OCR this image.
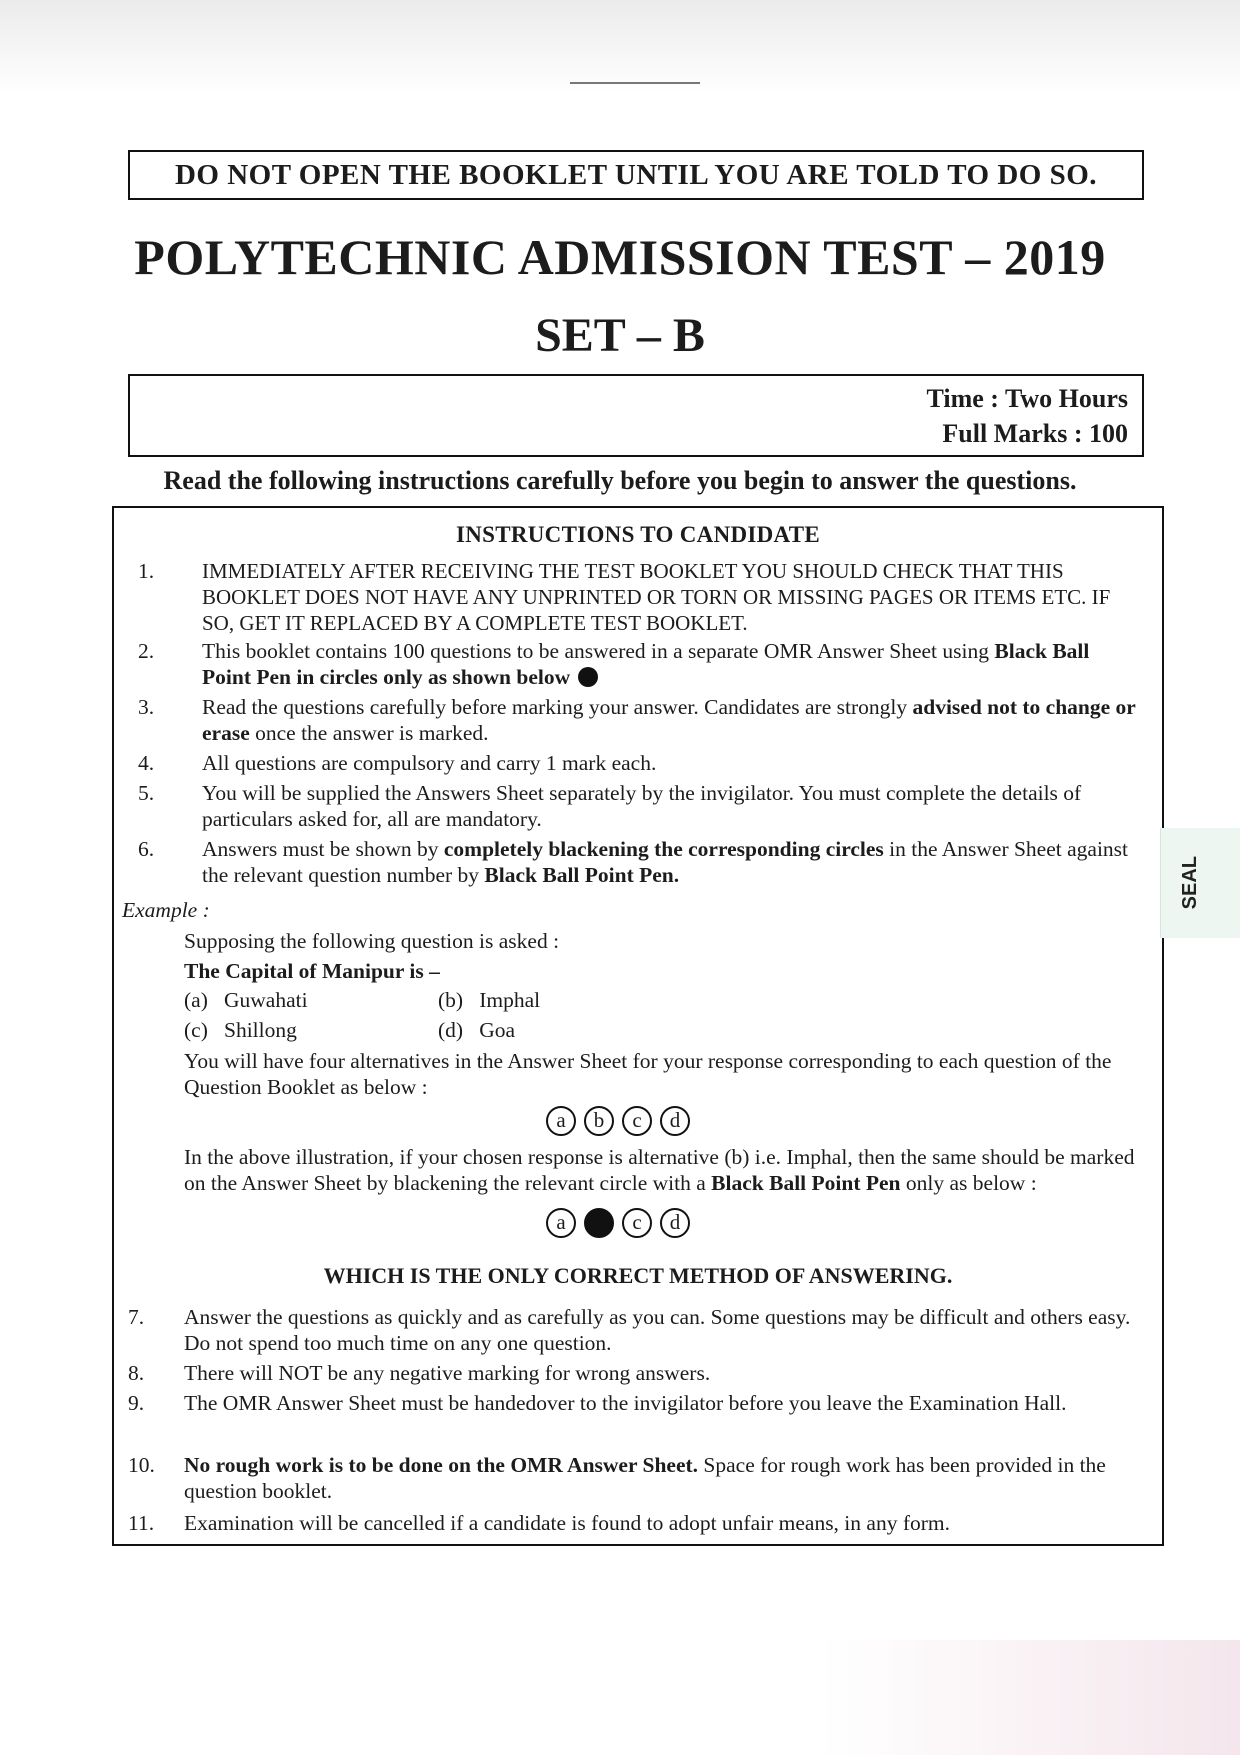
DO NOT OPEN THE BOOKLET UNTIL YOU ARE TOLD TO DO SO.
POLYTECHNIC ADMISSION TEST – 2019
SET – B
Time : Two Hours
Full Marks : 100
Read the following instructions carefully before you begin to answer the questions.
INSTRUCTIONS TO CANDIDATE
1.	IMMEDIATELY AFTER RECEIVING THE TEST BOOKLET YOU SHOULD CHECK THAT THIS BOOKLET DOES NOT HAVE ANY UNPRINTED OR TORN OR MISSING PAGES OR ITEMS ETC. IF SO, GET IT REPLACED BY A COMPLETE TEST BOOKLET.
2.	This booklet contains 100 questions to be answered in a separate OMR Answer Sheet using Black Ball Point Pen in circles only as shown below
3.	Read the questions carefully before marking your answer. Candidates are strongly advised not to change or erase once the answer is marked.
4.	All questions are compulsory and carry 1 mark each.
5.	You will be supplied the Answers Sheet separately by the invigilator. You must complete the details of particulars asked for, all are mandatory.
6.	Answers must be shown by completely blackening the corresponding circles in the Answer Sheet against the relevant question number by Black Ball Point Pen.
Example :
Supposing the following question is asked :
The Capital of Manipur is –
(a) Guwahati	(b) Imphal
(c) Shillong	(d) Goa
You will have four alternatives in the Answer Sheet for your response corresponding to each question of the Question Booklet as below :
a	b	c	d
In the above illustration, if your chosen response is alternative (b) i.e. Imphal, then the same should be marked on the Answer Sheet by blackening the relevant circle with a Black Ball Point Pen only as below :
a	c	d
WHICH IS THE ONLY CORRECT METHOD OF ANSWERING.
7.	Answer the questions as quickly and as carefully as you can. Some questions may be difficult and others easy. Do not spend too much time on any one question.
8.	There will NOT be any negative marking for wrong answers.
9.	The OMR Answer Sheet must be handedover to the invigilator before you leave the Examination Hall.
10.	No rough work is to be done on the OMR Answer Sheet. Space for rough work has been provided in the question booklet.
11.	Examination will be cancelled if a candidate is found to adopt unfair means, in any form.
SEAL
